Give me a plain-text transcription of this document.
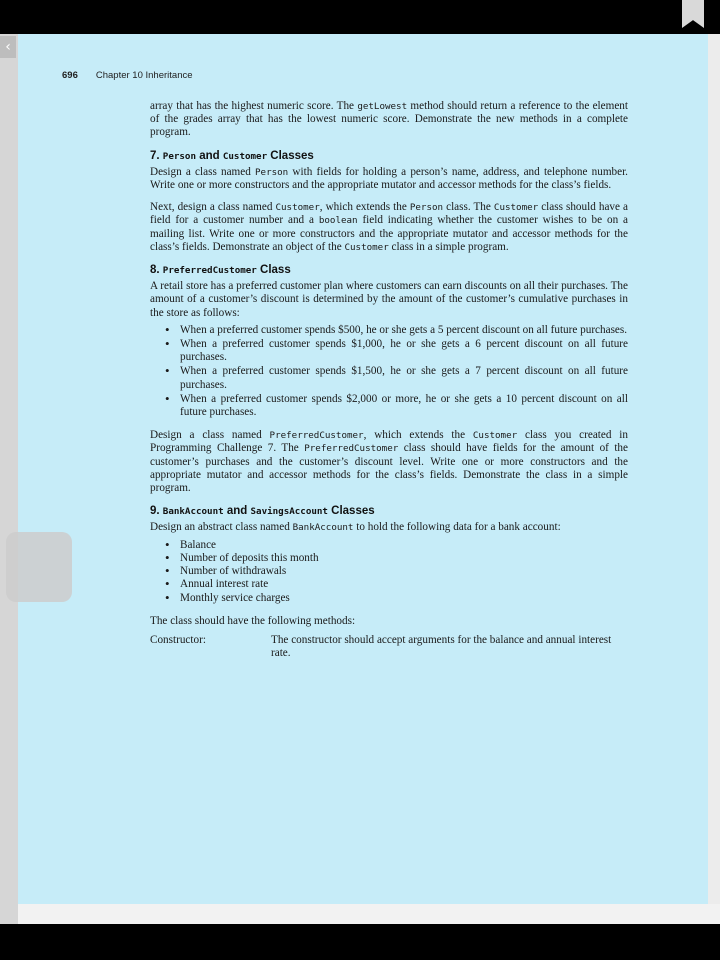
‹
696 Chapter 10 Inheritance

array that has the highest numeric score. The getLowest method should return a reference to the element of the grades array that has the lowest numeric score. Demonstrate the new methods in a complete program.

7. Person and Customer Classes

Design a class named Person with fields for holding a person’s name, address, and telephone number. Write one or more constructors and the appropriate mutator and accessor methods for the class’s fields.

Next, design a class named Customer, which extends the Person class. The Customer class should have a field for a customer number and a boolean field indicating whether the customer wishes to be on a mailing list. Write one or more constructors and the appropriate mutator and accessor methods for the class’s fields. Demonstrate an object of the Customer class in a simple program.

8. PreferredCustomer Class

A retail store has a preferred customer plan where customers can earn discounts on all their purchases. The amount of a customer’s discount is determined by the amount of the customer’s cumulative purchases in the store as follows:

• When a preferred customer spends $500, he or she gets a 5 percent discount on all future purchases.
• When a preferred customer spends $1,000, he or she gets a 6 percent discount on all future purchases.
• When a preferred customer spends $1,500, he or she gets a 7 percent discount on all future purchases.
• When a preferred customer spends $2,000 or more, he or she gets a 10 percent discount on all future purchases.

Design a class named PreferredCustomer, which extends the Customer class you created in Programming Challenge 7. The PreferredCustomer class should have fields for the amount of the customer’s purchases and the customer’s discount level. Write one or more constructors and the appropriate mutator and accessor methods for the class’s fields. Demonstrate the class in a simple program.

9. BankAccount and SavingsAccount Classes

Design an abstract class named BankAccount to hold the following data for a bank account:

• Balance
• Number of deposits this month
• Number of withdrawals
• Annual interest rate
• Monthly service charges

The class should have the following methods:

Constructor:	The constructor should accept arguments for the balance and annual interest rate.
